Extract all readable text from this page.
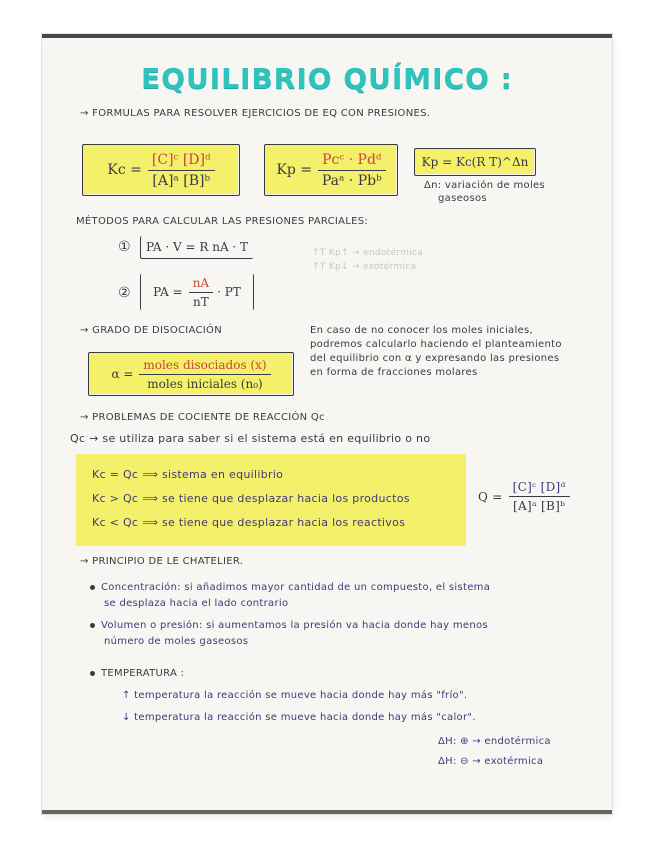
EQUILIBRIO QUÍMICO :
→ FORMULAS PARA RESOLVER EJERCICIOS DE EQ CON PRESIONES.
$Kc = \frac{\text{[C]ᶜ [D]ᵈ}}{\text{[A]ᵃ [B]ᵇ}}$	$Kp = \frac{\text{Pcᶜ · Pdᵈ}}{\text{Paᵃ · Pbᵇ}}$	Kp = Kc(R T)^Δn
Δn: variación de moles
gaseosos
MÉTODOS PARA CALCULAR LAS PRESIONES PARCIALES:
① PA · V = R nA · T	↑T Kp↑ → endotérmica
↑T Kp↓ → exotérmica
② PA = $\frac{nA}{nT}$ · PT
→ GRADO DE DISOCIACIÓN
$\alpha = \frac{\text{moles disociados (x)}}{\text{moles iniciales (n₀)}}$
En caso de no conocer los moles iniciales,
podremos calcularlo haciendo el planteamiento
del equilibrio con α y expresando las presiones
en forma de fracciones molares
→ PROBLEMAS DE COCIENTE DE REACCIÓN Qc
Qc → se utiliza para saber si el sistema está en equilibrio o no
Kc = Qc ⟹ sistema en equilibrio
Kc > Qc ⟹ se tiene que desplazar hacia los productos
Kc < Qc ⟹ se tiene que desplazar hacia los reactivos
$Q = \frac{\text{[C]ᶜ [D]ᵈ}}{\text{[A]ᵃ [B]ᵇ}}$
→ PRINCIPIO DE LE CHATELIER.
Concentración: si añadimos mayor cantidad de un compuesto, el sistema
se desplaza hacia el lado contrario
Volumen o presión: si aumentamos la presión va hacia donde hay menos
número de moles gaseosos
TEMPERATURA :
↑ temperatura la reacción se mueve hacia donde hay más "frío".
↓ temperatura la reacción se mueve hacia donde hay más "calor".
ΔH: ⊕ → endotérmica
ΔH: ⊖ → exotérmica
